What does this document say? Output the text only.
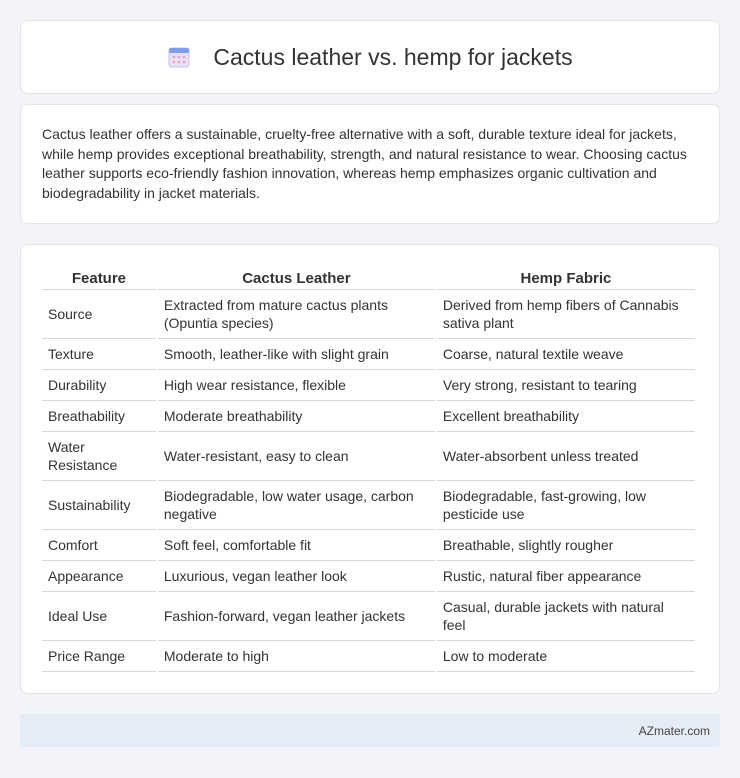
Cactus leather vs. hemp for jackets

Cactus leather offers a sustainable, cruelty-free alternative with a soft, durable texture ideal for jackets, while hemp provides exceptional breathability, strength, and natural resistance to wear. Choosing cactus leather supports eco-friendly fashion innovation, whereas hemp emphasizes organic cultivation and biodegradability in jacket materials.

Feature	Cactus Leather	Hemp Fabric
Source	Extracted from mature cactus plants (Opuntia species)	Derived from hemp fibers of Cannabis sativa plant
Texture	Smooth, leather-like with slight grain	Coarse, natural textile weave
Durability	High wear resistance, flexible	Very strong, resistant to tearing
Breathability	Moderate breathability	Excellent breathability
Water Resistance	Water-resistant, easy to clean	Water-absorbent unless treated
Sustainability	Biodegradable, low water usage, carbon negative	Biodegradable, fast-growing, low pesticide use
Comfort	Soft feel, comfortable fit	Breathable, slightly rougher
Appearance	Luxurious, vegan leather look	Rustic, natural fiber appearance
Ideal Use	Fashion-forward, vegan leather jackets	Casual, durable jackets with natural feel
Price Range	Moderate to high	Low to moderate
AZmater.com
